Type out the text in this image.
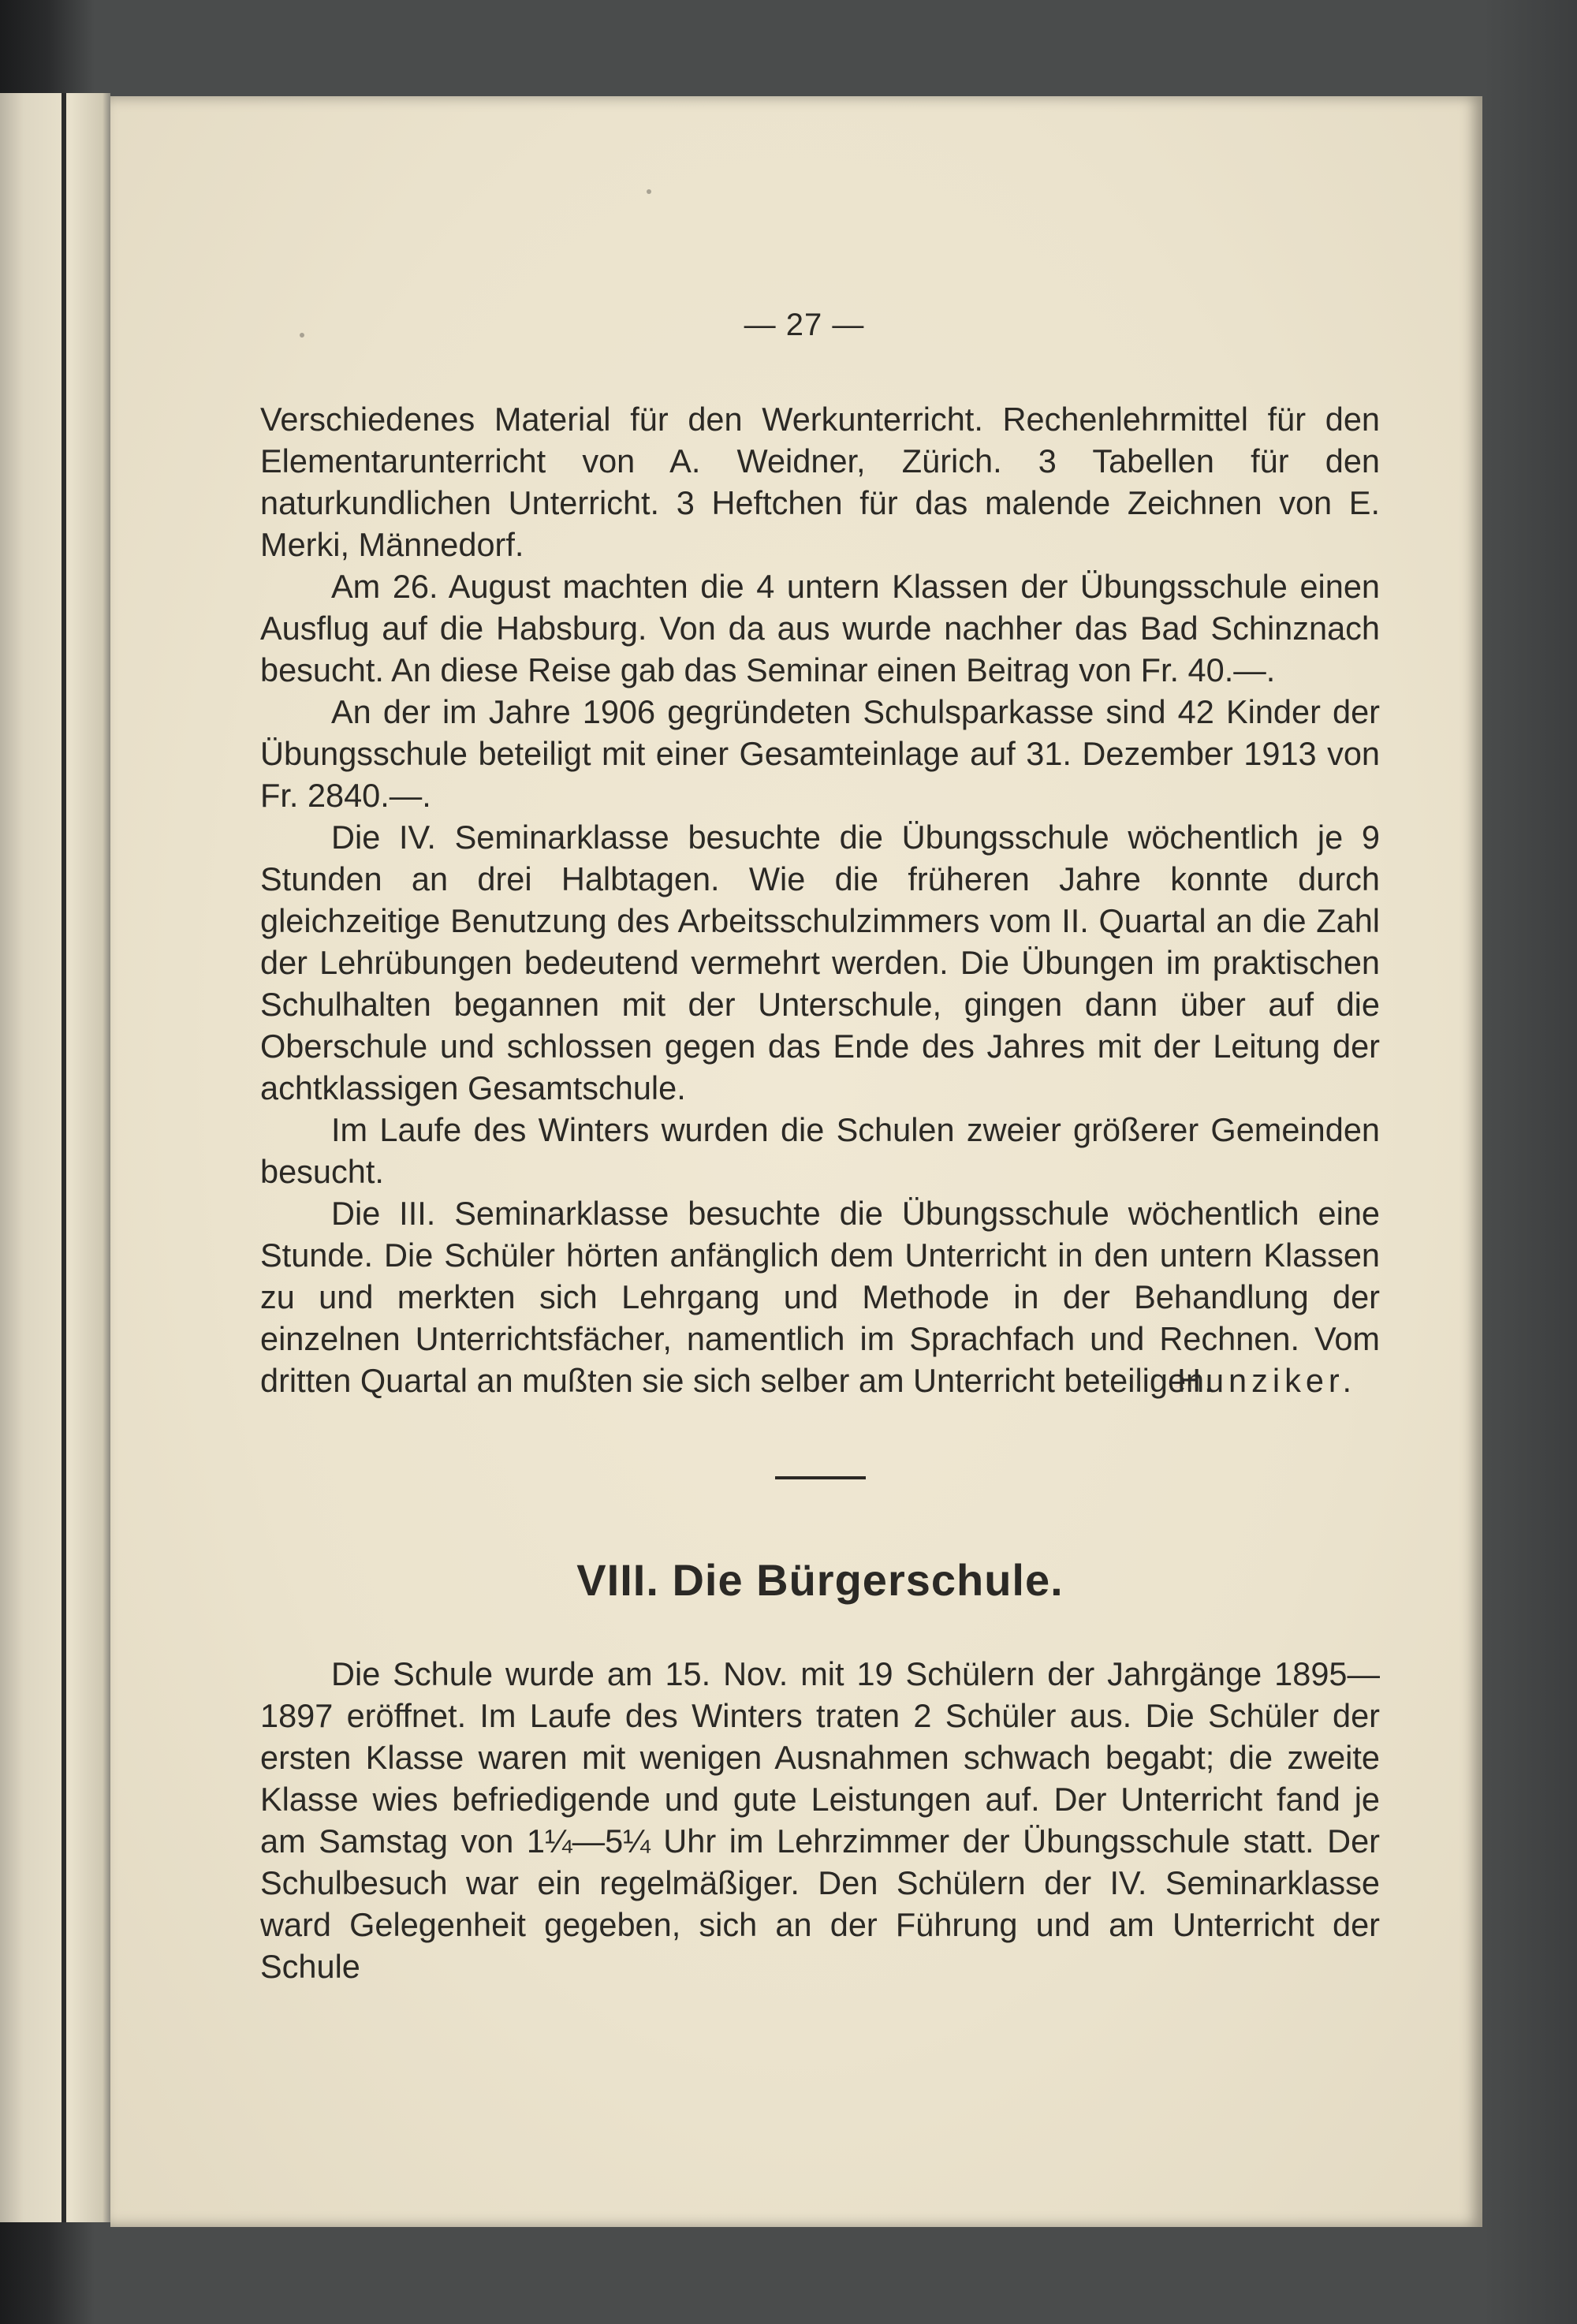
— 27 —

Verschiedenes Material für den Werkunterricht. Rechenlehrmittel für den Elementarunterricht von A. Weidner, Zürich. 3 Tabellen für den naturkundlichen Unterricht. 3 Heftchen für das malende Zeichnen von E. Merki, Männedorf.

Am 26. August machten die 4 untern Klassen der Übungsschule einen Ausflug auf die Habsburg. Von da aus wurde nachher das Bad Schinznach besucht. An diese Reise gab das Seminar einen Beitrag von Fr. 40.—.

An der im Jahre 1906 gegründeten Schulsparkasse sind 42 Kinder der Übungsschule beteiligt mit einer Gesamteinlage auf 31. Dezember 1913 von Fr. 2840.—.

Die IV. Seminarklasse besuchte die Übungsschule wöchentlich je 9 Stunden an drei Halbtagen. Wie die früheren Jahre konnte durch gleichzeitige Benutzung des Arbeitsschulzimmers vom II. Quartal an die Zahl der Lehrübungen bedeutend vermehrt werden. Die Übungen im praktischen Schulhalten begannen mit der Unterschule, gingen dann über auf die Oberschule und schlossen gegen das Ende des Jahres mit der Leitung der achtklassigen Gesamtschule.

Im Laufe des Winters wurden die Schulen zweier größerer Gemeinden besucht.

Die III. Seminarklasse besuchte die Übungsschule wöchentlich eine Stunde. Die Schüler hörten anfänglich dem Unterricht in den untern Klassen zu und merkten sich Lehrgang und Methode in der Behandlung der einzelnen Unterrichtsfächer, namentlich im Sprachfach und Rechnen. Vom dritten Quartal an mußten sie sich selber am Unterricht beteiligen.

Hunziker.
VIII. Die Bürgerschule.

Die Schule wurde am 15. Nov. mit 19 Schülern der Jahrgänge 1895—1897 eröffnet. Im Laufe des Winters traten 2 Schüler aus. Die Schüler der ersten Klasse waren mit wenigen Ausnahmen schwach begabt; die zweite Klasse wies befriedigende und gute Leistungen auf. Der Unterricht fand je am Samstag von 1¼—5¼ Uhr im Lehrzimmer der Übungsschule statt. Der Schulbesuch war ein regelmäßiger. Den Schülern der IV. Seminarklasse ward Gelegenheit gegeben, sich an der Führung und am Unterricht der Schule
